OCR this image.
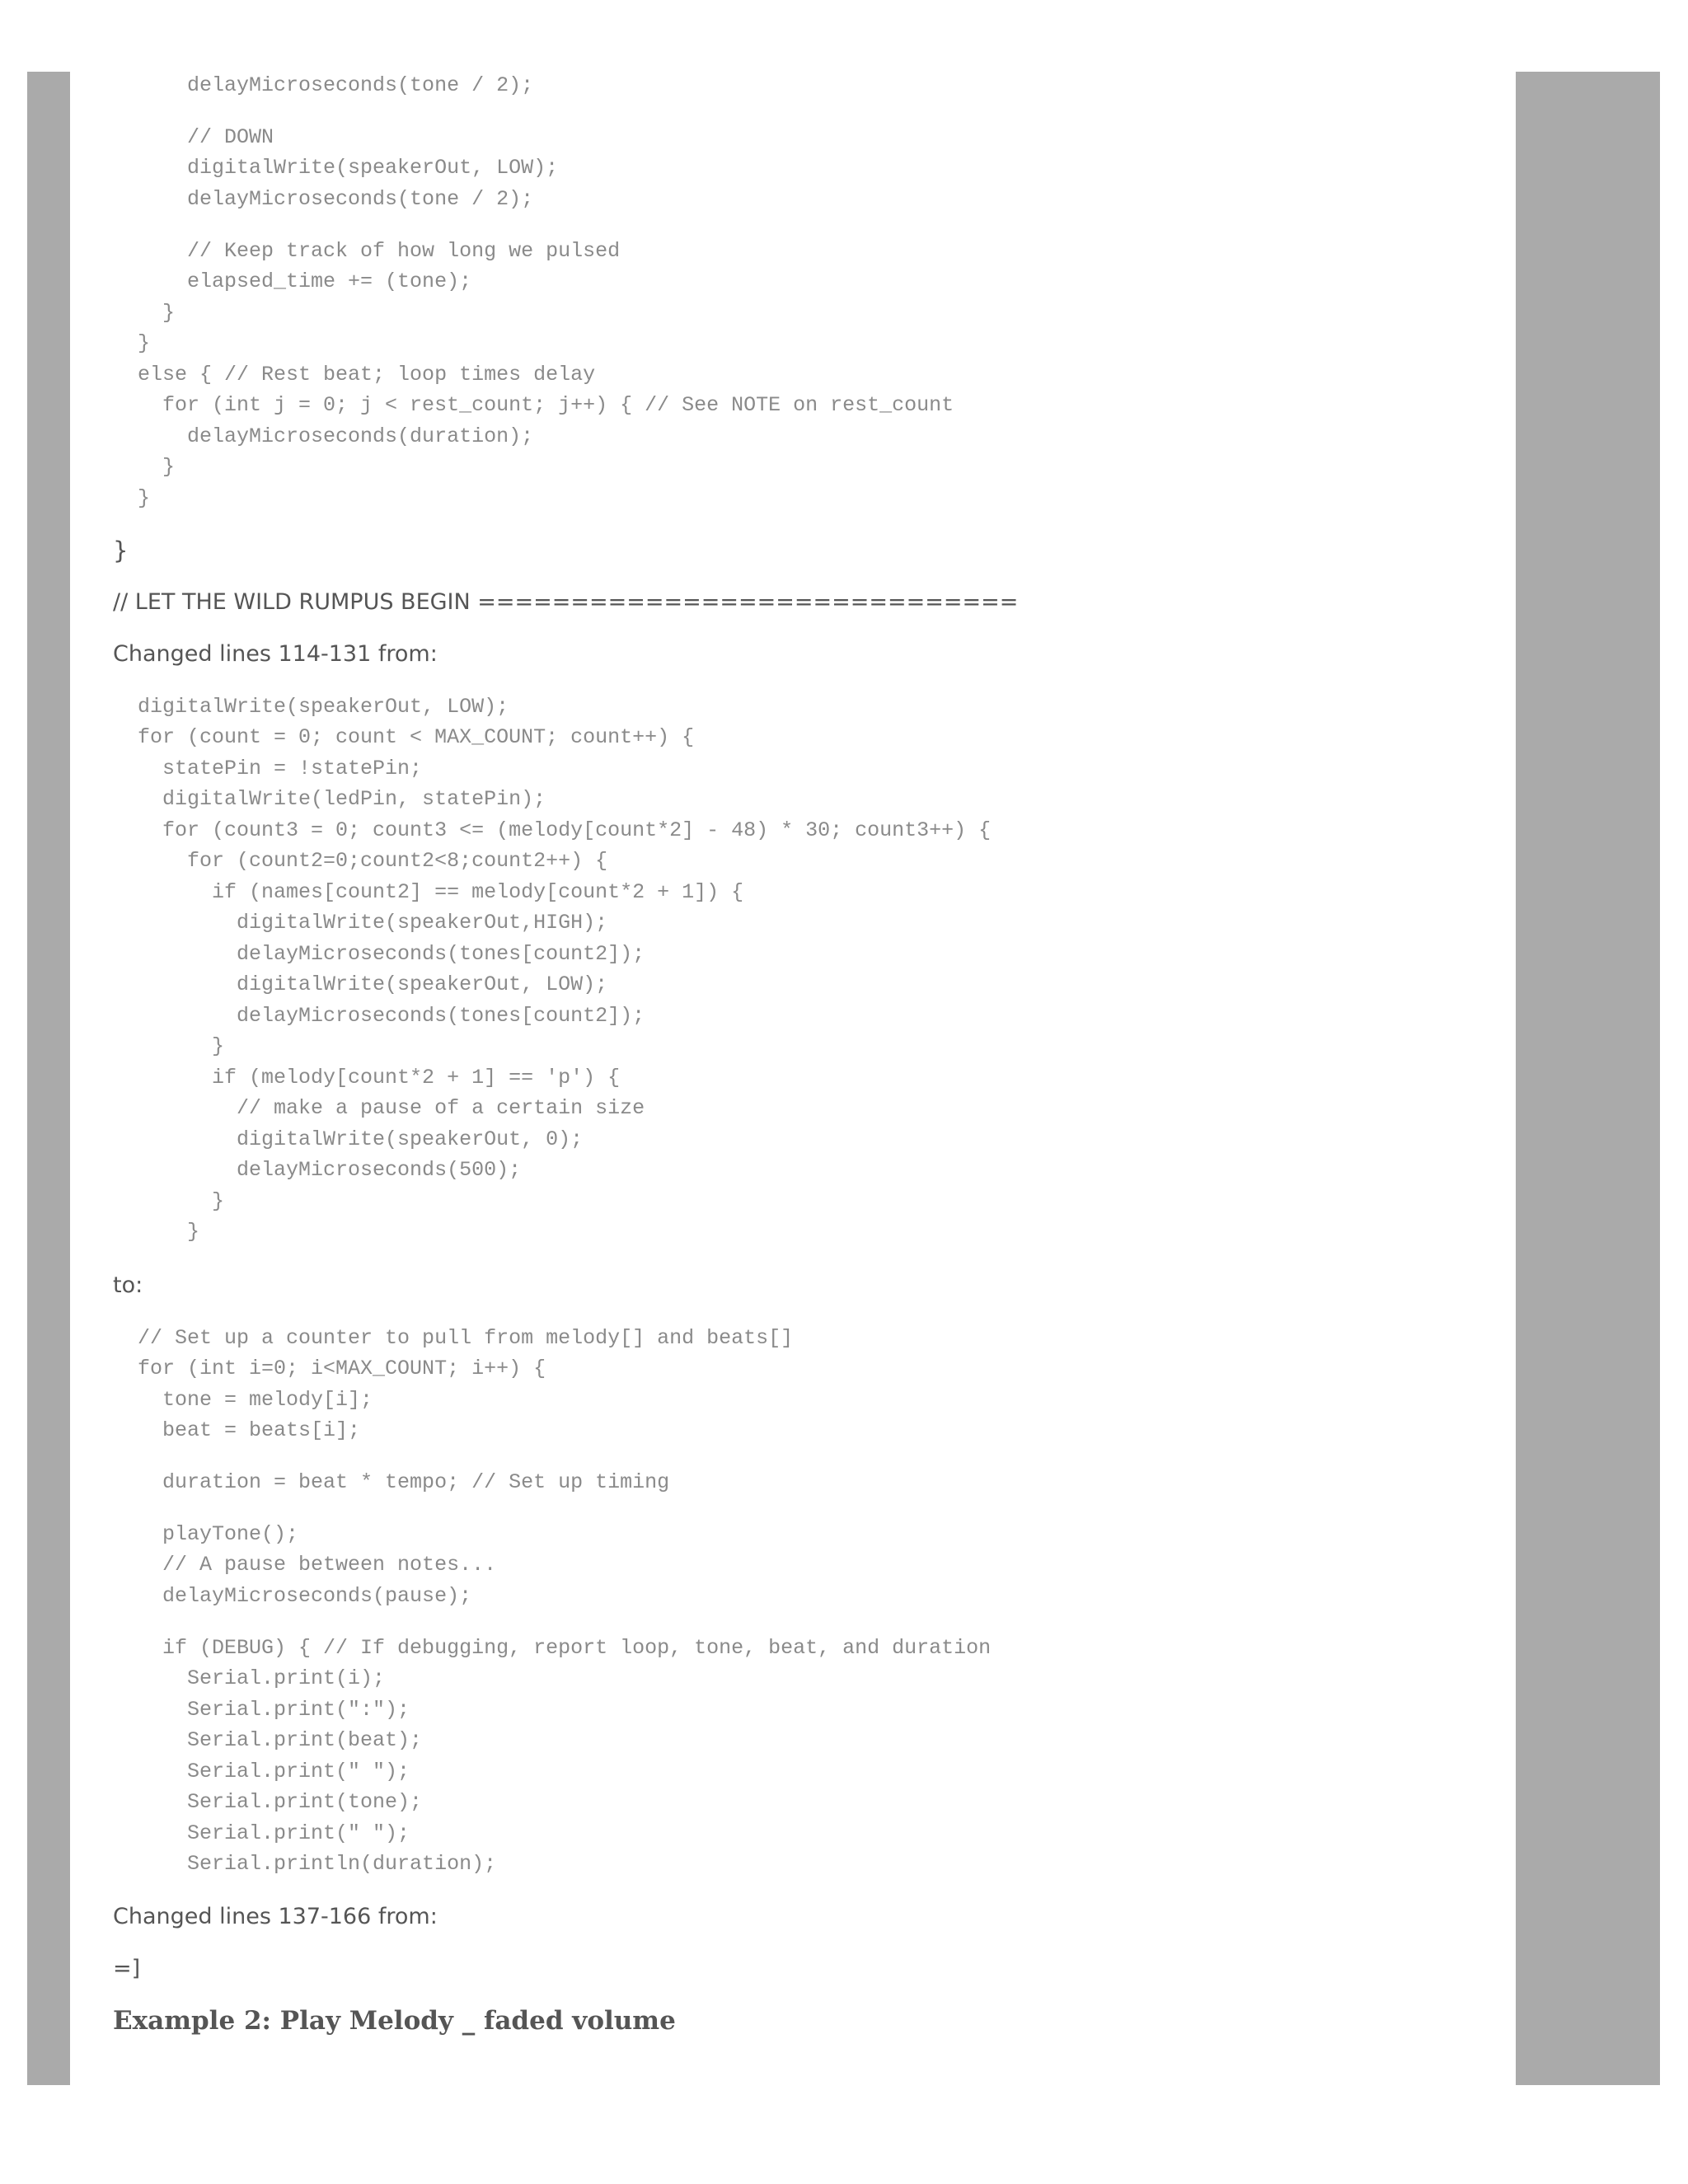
delayMicroseconds(tone / 2);
// DOWN
digitalWrite(speakerOut, LOW);
delayMicroseconds(tone / 2);
// Keep track of how long we pulsed
elapsed_time += (tone);
}
}
else { // Rest beat; loop times delay
for (int j = 0; j < rest_count; j++) { // See NOTE on rest_count
delayMicroseconds(duration);
}
}
}
// LET THE WILD RUMPUS BEGIN =============================
Changed lines 114-131 from:
digitalWrite(speakerOut, LOW);
for (count = 0; count < MAX_COUNT; count++) {
statePin = !statePin;
digitalWrite(ledPin, statePin);
for (count3 = 0; count3 <= (melody[count*2] - 48) * 30; count3++) {
for (count2=0;count2<8;count2++) {
if (names[count2] == melody[count*2 + 1]) {
digitalWrite(speakerOut,HIGH);
delayMicroseconds(tones[count2]);
digitalWrite(speakerOut, LOW);
delayMicroseconds(tones[count2]);
}
if (melody[count*2 + 1] == 'p') {
// make a pause of a certain size
digitalWrite(speakerOut, 0);
delayMicroseconds(500);
}
}
to:
// Set up a counter to pull from melody[] and beats[]
for (int i=0; i<MAX_COUNT; i++) {
tone = melody[i];
beat = beats[i];
duration = beat * tempo; // Set up timing
playTone();
// A pause between notes...
delayMicroseconds(pause);
if (DEBUG) { // If debugging, report loop, tone, beat, and duration
Serial.print(i);
Serial.print(":");
Serial.print(beat);
Serial.print(" ");
Serial.print(tone);
Serial.print(" ");
Serial.println(duration);
Changed lines 137-166 from:
=]
Example 2: Play Melody _ faded volume
